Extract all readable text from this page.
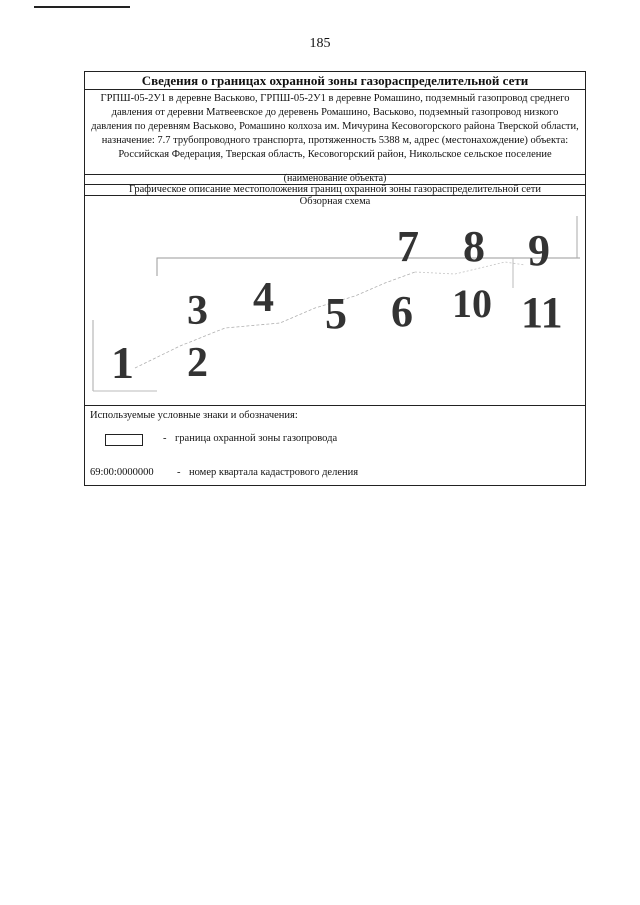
185
Сведения о границах охранной зоны газораспределительной сети
ГРПШ-05-2У1 в деревне Васьково, ГРПШ-05-2У1 в деревне Ромашино, подземный газопровод среднего давления от деревни Матвеевское до деревень Ромашино, Васьково, подземный газопровод низкого давления по деревням Васьково, Ромашино колхоза им. Мичурина Кесовогорского района Тверской области, назначение: 7.7 трубопроводного транспорта, протяженность 5388 м, адрес (местонахождение) объекта: Российская Федерация, Тверская область, Кесовогорский район, Никольское сельское поселение
(наименование объекта)
Графическое описание местоположения границ охранной зоны газораспределительной сети
Обзорная схема
1 2
3 4 5 6
7 8 9
10 11
Используемые условные знаки и обозначения:
- граница охранной зоны газопровода
69:00:0000000 - номер квартала кадастрового деления
